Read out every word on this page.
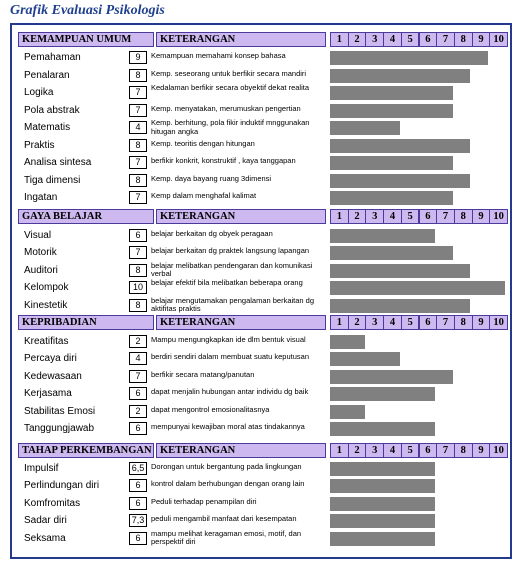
Grafik Evaluasi Psikologis
KEMAMPUAN UMUM	KETERANGAN	1	2	3	4	5	6	7	8	9 10
Pemahaman	9	Kemampuan memahami konsep bahasa
Penalaran	8	Kemp. seseorang untuk berfikir secara mandiri
Logika	7	Kedalaman berfikir secara obyektif dekat realita
Pola abstrak	7	Kemp. menyatakan, merumuskan pengertian
Matematis	4	Kemp. berhitung, pola fikir induktif mnggunakan hitugan angka
Praktis	8	Kemp. teoritis dengan hitungan
Analisa sintesa	7	berfikir konkrit, konstruktif , kaya tanggapan
Tiga dimensi	8	Kemp. daya bayang ruang 3dimensi
Ingatan	7	Kemp dalam menghafal kalimat
GAYA BELAJAR	KETERANGAN	1	2	3	4	5	6	7	8	9 10
Visual	6	belajar berkaitan dg obyek peragaan
Motorik	7	belajar berkaitan dg praktek langsung lapangan
Auditori	8	belajar melibatkan pendengaran dan komunikasi verbal
Kelompok	10	belajar efektif bila melibatkan beberapa orang
Kinestetik	8	belajar mengutamakan pengalaman berkaitan dg aktifitas praktis
KEPRIBADIAN	KETERANGAN	1	2	3	4	5	6	7	8	9 10
Kreatifitas	2	Mampu mengungkapkan ide dlm bentuk visual
Percaya diri	4	berdiri sendiri dalam membuat suatu keputusan
Kedewasaan	7	berfikir secara matang/panutan
Kerjasama	6	dapat menjalin hubungan antar individu dg baik
Stabilitas Emosi	2	dapat mengontrol emosionalitasnya
Tanggungjawab	6	mempunyai kewajiban moral atas tindakannya
TAHAP PERKEMBANGAN KETERANGAN	1	2	3	4	5	6	7	8	9 10
Impulsif	6,5 Dorongan untuk bergantung pada lingkungan
Perlindungan diri	6	kontrol dalam berhubungan dengan orang lain
Komfromitas	6	Peduli terhadap penampilan diri
Sadar diri	7,3 peduli mengambil manfaat dari kesempatan
Seksama	6	mampu melihat keragaman emosi, motif, dan perspektif diri
